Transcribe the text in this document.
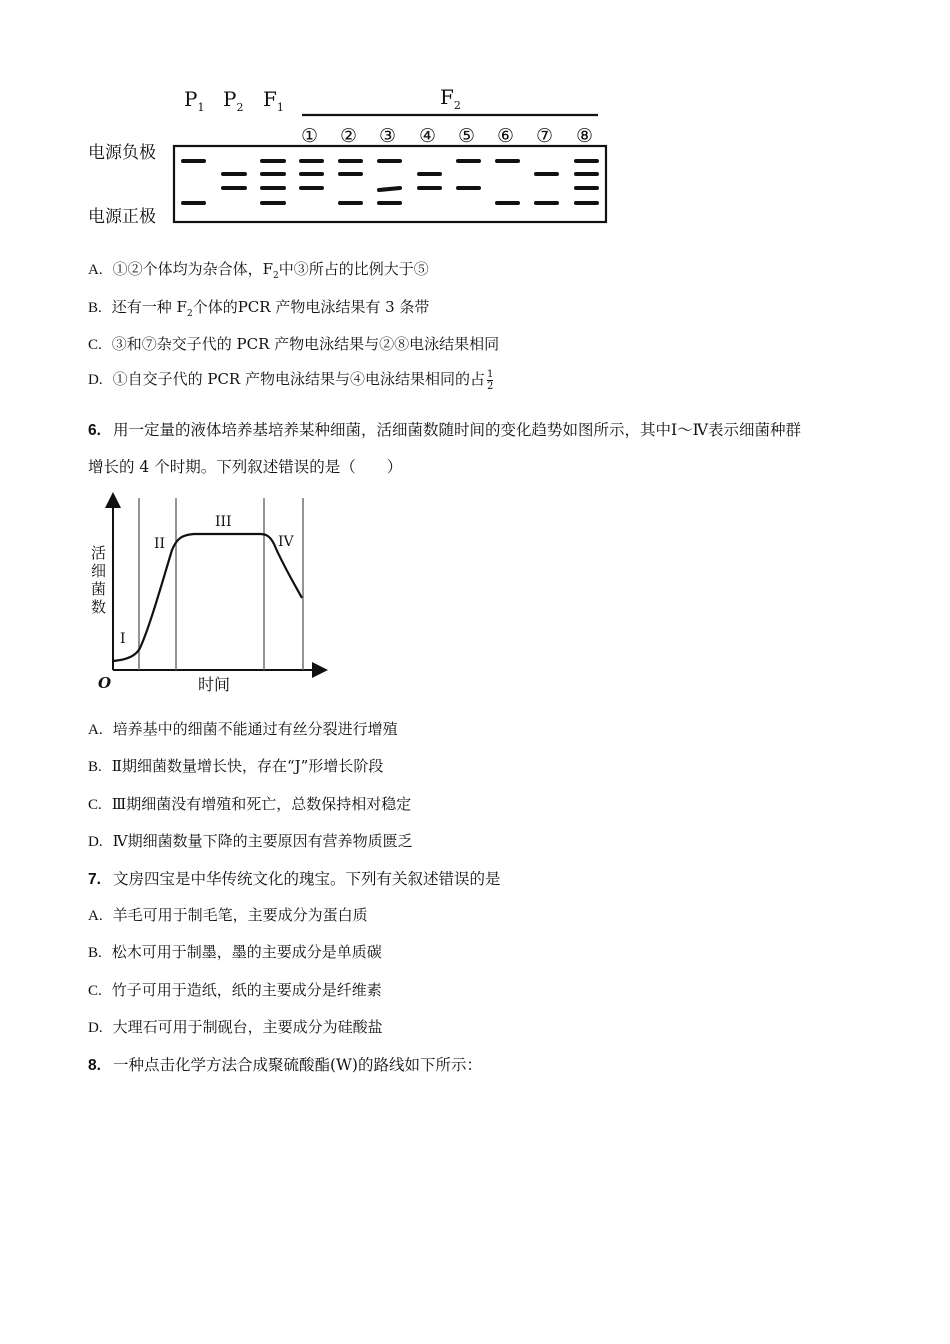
$P_1$ $P_2$ $F_1$	$F_2$
① ② ③ ④ ⑤ ⑥ ⑦ ⑧
电源负极
电源正极
A. ①②个体均为杂合体，$F_2$中③所占的比例大于⑤
B. 还有一种 $F_2$个体的PCR 产物电泳结果有 3 条带
C. ③和⑦杂交子代的 PCR 产物电泳结果与②⑧电泳结果相同
D. ①自交子代的 PCR 产物电泳结果与④电泳结果相同的占 $\frac{1}{2}$
6. 用一定量的液体培养基培养某种细菌，活细菌数随时间的变化趋势如图所示，其中Ⅰ～Ⅳ表示细菌种群
增长的 4 个时期。下列叙述错误的是（　　）
I
II
III
IV
活
细
菌
数
O	时间
A. 培养基中的细菌不能通过有丝分裂进行增殖
B. Ⅱ期细菌数量增长快，存在“J”形增长阶段
C. Ⅲ期细菌没有增殖和死亡，总数保持相对稳定
D. Ⅳ期细菌数量下降的主要原因有营养物质匮乏
7. 文房四宝是中华传统文化的瑰宝。下列有关叙述错误的是
A. 羊毛可用于制毛笔，主要成分为蛋白质
B. 松木可用于制墨，墨的主要成分是单质碳
C. 竹子可用于造纸，纸的主要成分是纤维素
D. 大理石可用于制砚台，主要成分为硅酸盐
8. 一种点击化学方法合成聚硫酸酯(W)的路线如下所示：
